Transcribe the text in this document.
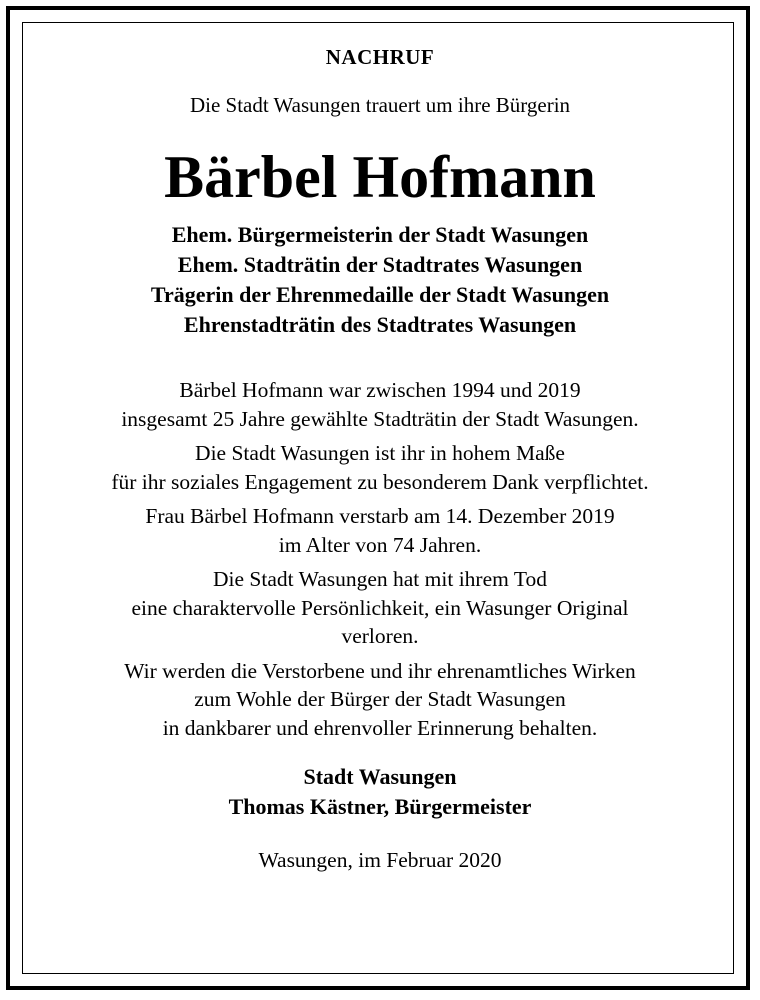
NACHRUF
Die Stadt Wasungen trauert um ihre Bürgerin
Bärbel Hofmann
Ehem. Bürgermeisterin der Stadt Wasungen
Ehem. Stadträtin der Stadtrates Wasungen
Trägerin der Ehrenmedaille der Stadt Wasungen
Ehrenstadträtin des Stadtrates Wasungen
Bärbel Hofmann war zwischen 1994 und 2019
insgesamt 25 Jahre gewählte Stadträtin der Stadt Wasungen.
Die Stadt Wasungen ist ihr in hohem Maße
für ihr soziales Engagement zu besonderem Dank verpflichtet.
Frau Bärbel Hofmann verstarb am 14. Dezember 2019
im Alter von 74 Jahren.
Die Stadt Wasungen hat mit ihrem Tod
eine charaktervolle Persönlichkeit, ein Wasunger Original
verloren.
Wir werden die Verstorbene und ihr ehrenamtliches Wirken
zum Wohle der Bürger der Stadt Wasungen
in dankbarer und ehrenvoller Erinnerung behalten.
Stadt Wasungen
Thomas Kästner, Bürgermeister
Wasungen, im Februar 2020
